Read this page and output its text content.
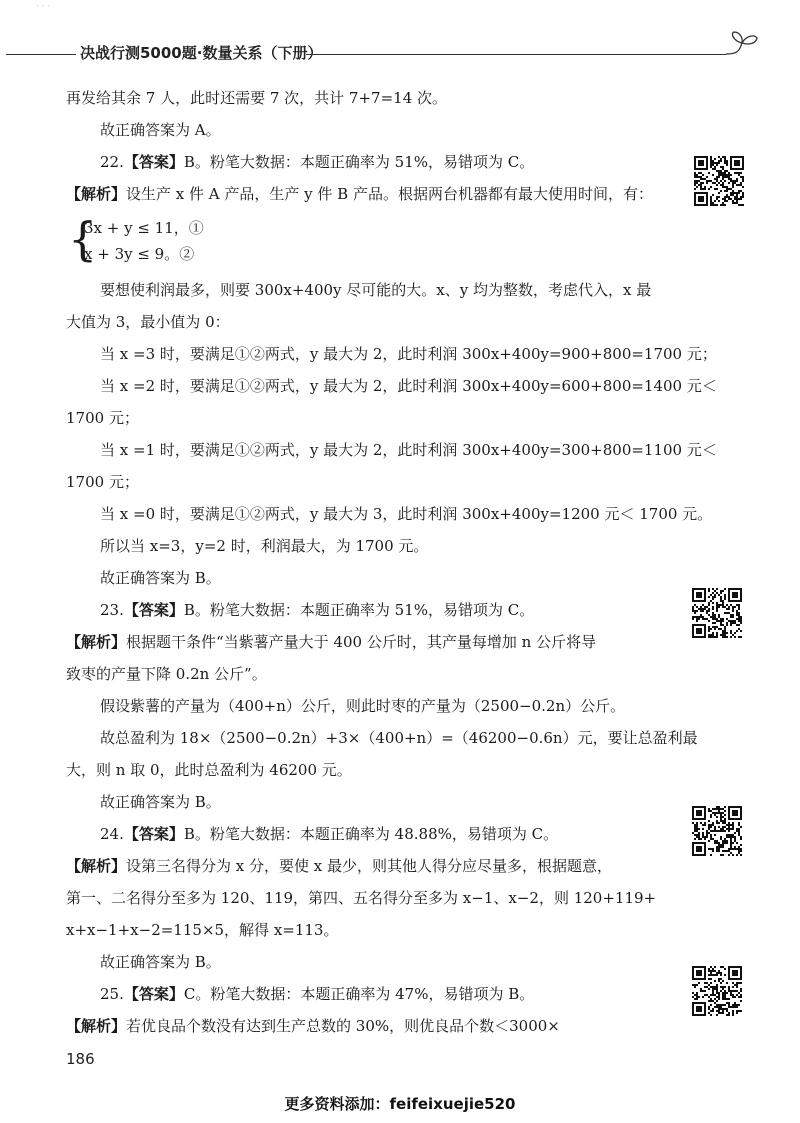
· · ·
决战行测5000题·数量关系（下册）

再发给其余 7 人，此时还需要 7 次，共计 7+7=14 次。

故正确答案为 A。

22.【答案】B。粉笔大数据：本题正确率为 51%，易错项为 C。

【解析】设生产 x 件 A 产品，生产 y 件 B 产品。根据两台机器都有最大使用时间，有：

{
3x + y ≤ 11，①
x + 3y ≤ 9。②

要想使利润最多，则要 300x+400y 尽可能的大。x、y 均为整数，考虑代入，x 最

大值为 3，最小值为 0：

当 x =3 时，要满足①②两式，y 最大为 2，此时利润 300x+400y=900+800=1700 元；

当 x =2 时，要满足①②两式，y 最大为 2，此时利润 300x+400y=600+800=1400 元＜

1700 元；

当 x =1 时，要满足①②两式，y 最大为 2，此时利润 300x+400y=300+800=1100 元＜

1700 元；

当 x =0 时，要满足①②两式，y 最大为 3，此时利润 300x+400y=1200 元＜ 1700 元。

所以当 x=3，y=2 时，利润最大，为 1700 元。

故正确答案为 B。

23.【答案】B。粉笔大数据：本题正确率为 51%，易错项为 C。

【解析】根据题干条件“当紫薯产量大于 400 公斤时，其产量每增加 n 公斤将导

致枣的产量下降 0.2n 公斤”。

假设紫薯的产量为（400+n）公斤，则此时枣的产量为（2500−0.2n）公斤。

故总盈利为 18×（2500−0.2n）+3×（400+n）=（46200−0.6n）元，要让总盈利最

大，则 n 取 0，此时总盈利为 46200 元。

故正确答案为 B。

24.【答案】B。粉笔大数据：本题正确率为 48.88%，易错项为 C。

【解析】设第三名得分为 x 分，要使 x 最少，则其他人得分应尽量多，根据题意，

第一、二名得分至多为 120、119，第四、五名得分至多为 x−1、x−2，则 120+119+

x+x−1+x−2=115×5，解得 x=113。

故正确答案为 B。

25.【答案】C。粉笔大数据：本题正确率为 47%，易错项为 B。

【解析】若优良品个数没有达到生产总数的 30%，则优良品个数＜3000×

186
更多资料添加：feifeixuejie520
